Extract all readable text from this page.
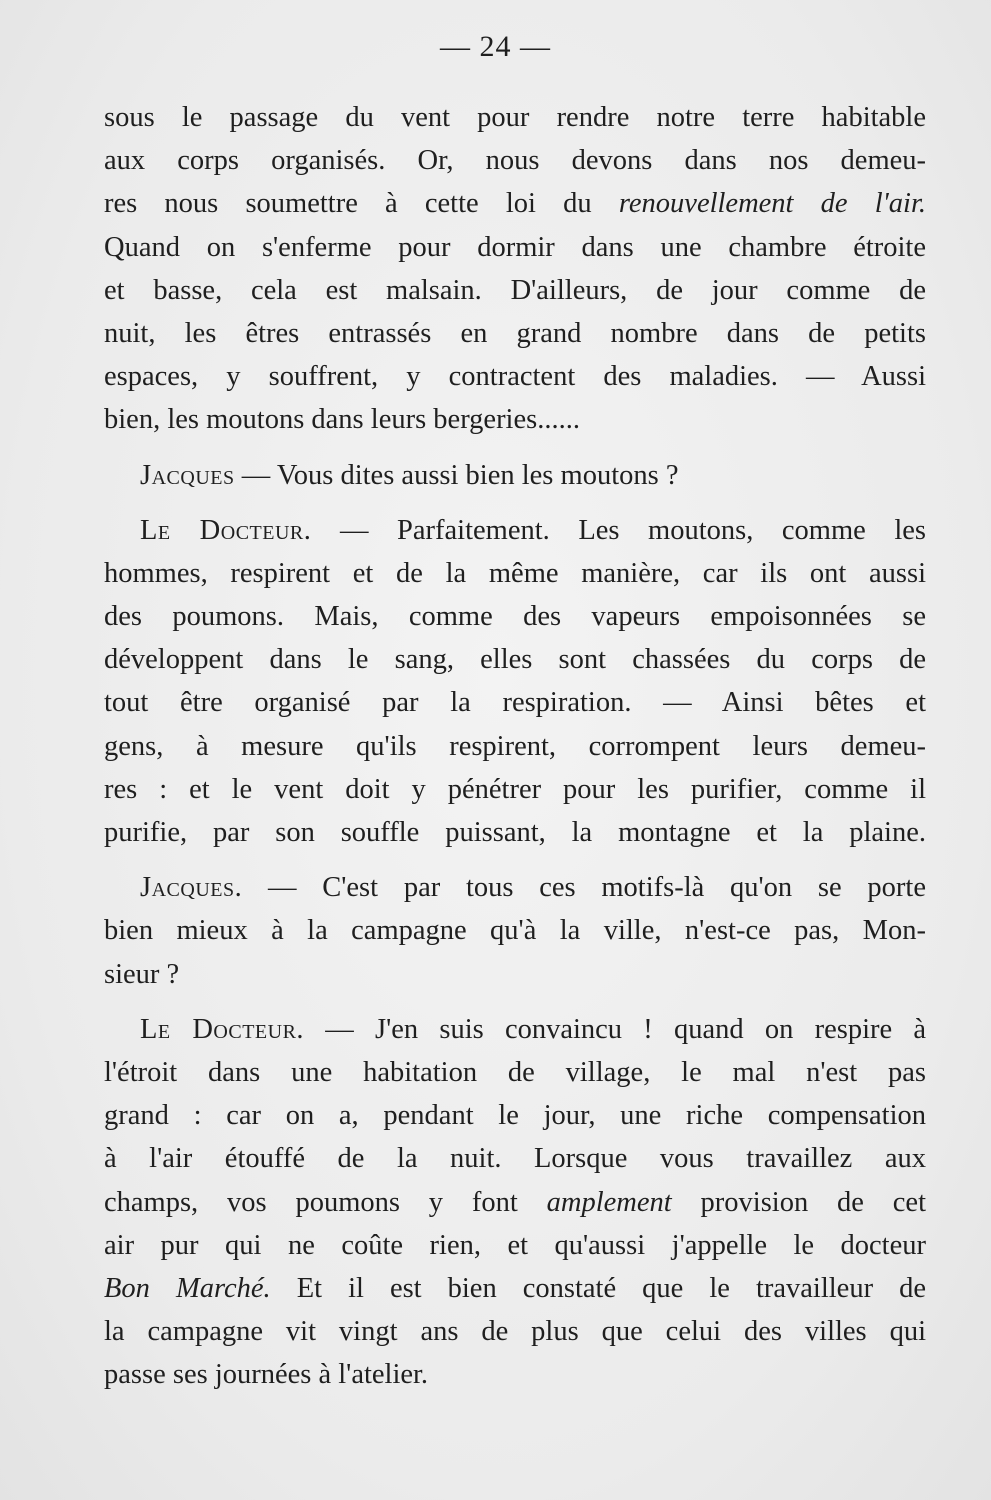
— 24 —
sous le passage du vent pour rendre notre terre habitable
aux corps organisés. Or, nous devons dans nos demeu-
res nous soumettre à cette loi du renouvellement de l'air.
Quand on s'enferme pour dormir dans une chambre étroite
et basse, cela est malsain. D'ailleurs, de jour comme de
nuit, les êtres entrassés en grand nombre dans de petits
espaces, y souffrent, y contractent des maladies. — Aussi
bien, les moutons dans leurs bergeries......
Jacques — Vous dites aussi bien les moutons ?
Le Docteur. — Parfaitement. Les moutons, comme les
hommes, respirent et de la même manière, car ils ont aussi
des poumons. Mais, comme des vapeurs empoisonnées se
développent dans le sang, elles sont chassées du corps de
tout être organisé par la respiration. — Ainsi bêtes et
gens, à mesure qu'ils respirent, corrompent leurs demeu-
res : et le vent doit y pénétrer pour les purifier, comme il
purifie, par son souffle puissant, la montagne et la plaine.
Jacques. — C'est par tous ces motifs-là qu'on se porte
bien mieux à la campagne qu'à la ville, n'est-ce pas, Mon-
sieur ?
Le Docteur. — J'en suis convaincu ! quand on respire à
l'étroit dans une habitation de village, le mal n'est pas
grand : car on a, pendant le jour, une riche compensation
à l'air étouffé de la nuit. Lorsque vous travaillez aux
champs, vos poumons y font amplement provision de cet
air pur qui ne coûte rien, et qu'aussi j'appelle le docteur
Bon Marché. Et il est bien constaté que le travailleur de
la campagne vit vingt ans de plus que celui des villes qui
passe ses journées à l'atelier.
